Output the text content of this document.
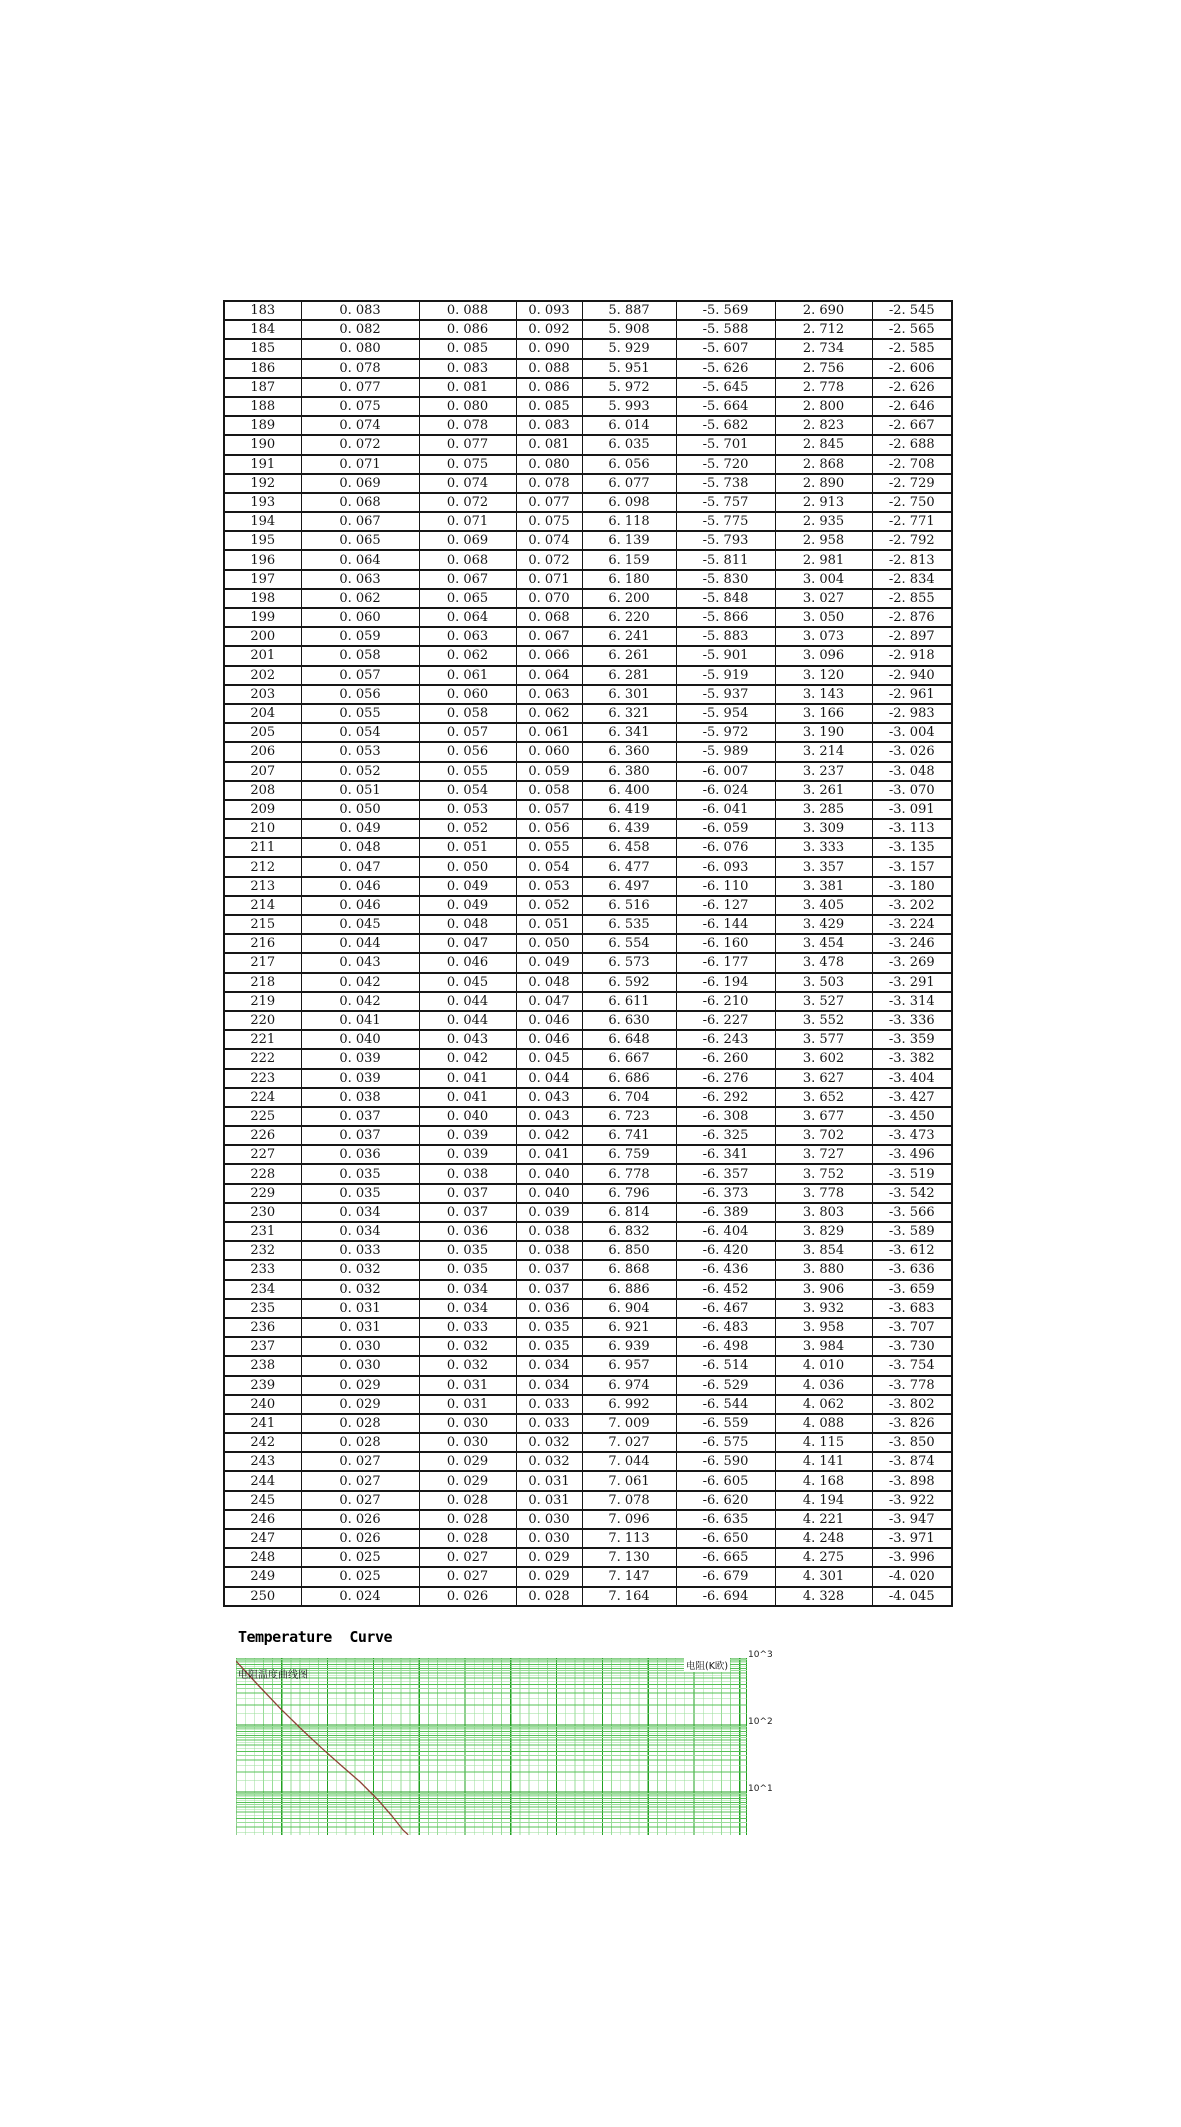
183	0. 083	0. 088	0. 093	5. 887	-5. 569	2. 690	-2. 545
184	0. 082	0. 086	0. 092	5. 908	-5. 588	2. 712	-2. 565
185	0. 080	0. 085	0. 090	5. 929	-5. 607	2. 734	-2. 585
186	0. 078	0. 083	0. 088	5. 951	-5. 626	2. 756	-2. 606
187	0. 077	0. 081	0. 086	5. 972	-5. 645	2. 778	-2. 626
188	0. 075	0. 080	0. 085	5. 993	-5. 664	2. 800	-2. 646
189	0. 074	0. 078	0. 083	6. 014	-5. 682	2. 823	-2. 667
190	0. 072	0. 077	0. 081	6. 035	-5. 701	2. 845	-2. 688
191	0. 071	0. 075	0. 080	6. 056	-5. 720	2. 868	-2. 708
192	0. 069	0. 074	0. 078	6. 077	-5. 738	2. 890	-2. 729
193	0. 068	0. 072	0. 077	6. 098	-5. 757	2. 913	-2. 750
194	0. 067	0. 071	0. 075	6. 118	-5. 775	2. 935	-2. 771
195	0. 065	0. 069	0. 074	6. 139	-5. 793	2. 958	-2. 792
196	0. 064	0. 068	0. 072	6. 159	-5. 811	2. 981	-2. 813
197	0. 063	0. 067	0. 071	6. 180	-5. 830	3. 004	-2. 834
198	0. 062	0. 065	0. 070	6. 200	-5. 848	3. 027	-2. 855
199	0. 060	0. 064	0. 068	6. 220	-5. 866	3. 050	-2. 876
200	0. 059	0. 063	0. 067	6. 241	-5. 883	3. 073	-2. 897
201	0. 058	0. 062	0. 066	6. 261	-5. 901	3. 096	-2. 918
202	0. 057	0. 061	0. 064	6. 281	-5. 919	3. 120	-2. 940
203	0. 056	0. 060	0. 063	6. 301	-5. 937	3. 143	-2. 961
204	0. 055	0. 058	0. 062	6. 321	-5. 954	3. 166	-2. 983
205	0. 054	0. 057	0. 061	6. 341	-5. 972	3. 190	-3. 004
206	0. 053	0. 056	0. 060	6. 360	-5. 989	3. 214	-3. 026
207	0. 052	0. 055	0. 059	6. 380	-6. 007	3. 237	-3. 048
208	0. 051	0. 054	0. 058	6. 400	-6. 024	3. 261	-3. 070
209	0. 050	0. 053	0. 057	6. 419	-6. 041	3. 285	-3. 091
210	0. 049	0. 052	0. 056	6. 439	-6. 059	3. 309	-3. 113
211	0. 048	0. 051	0. 055	6. 458	-6. 076	3. 333	-3. 135
212	0. 047	0. 050	0. 054	6. 477	-6. 093	3. 357	-3. 157
213	0. 046	0. 049	0. 053	6. 497	-6. 110	3. 381	-3. 180
214	0. 046	0. 049	0. 052	6. 516	-6. 127	3. 405	-3. 202
215	0. 045	0. 048	0. 051	6. 535	-6. 144	3. 429	-3. 224
216	0. 044	0. 047	0. 050	6. 554	-6. 160	3. 454	-3. 246
217	0. 043	0. 046	0. 049	6. 573	-6. 177	3. 478	-3. 269
218	0. 042	0. 045	0. 048	6. 592	-6. 194	3. 503	-3. 291
219	0. 042	0. 044	0. 047	6. 611	-6. 210	3. 527	-3. 314
220	0. 041	0. 044	0. 046	6. 630	-6. 227	3. 552	-3. 336
221	0. 040	0. 043	0. 046	6. 648	-6. 243	3. 577	-3. 359
222	0. 039	0. 042	0. 045	6. 667	-6. 260	3. 602	-3. 382
223	0. 039	0. 041	0. 044	6. 686	-6. 276	3. 627	-3. 404
224	0. 038	0. 041	0. 043	6. 704	-6. 292	3. 652	-3. 427
225	0. 037	0. 040	0. 043	6. 723	-6. 308	3. 677	-3. 450
226	0. 037	0. 039	0. 042	6. 741	-6. 325	3. 702	-3. 473
227	0. 036	0. 039	0. 041	6. 759	-6. 341	3. 727	-3. 496
228	0. 035	0. 038	0. 040	6. 778	-6. 357	3. 752	-3. 519
229	0. 035	0. 037	0. 040	6. 796	-6. 373	3. 778	-3. 542
230	0. 034	0. 037	0. 039	6. 814	-6. 389	3. 803	-3. 566
231	0. 034	0. 036	0. 038	6. 832	-6. 404	3. 829	-3. 589
232	0. 033	0. 035	0. 038	6. 850	-6. 420	3. 854	-3. 612
233	0. 032	0. 035	0. 037	6. 868	-6. 436	3. 880	-3. 636
234	0. 032	0. 034	0. 037	6. 886	-6. 452	3. 906	-3. 659
235	0. 031	0. 034	0. 036	6. 904	-6. 467	3. 932	-3. 683
236	0. 031	0. 033	0. 035	6. 921	-6. 483	3. 958	-3. 707
237	0. 030	0. 032	0. 035	6. 939	-6. 498	3. 984	-3. 730
238	0. 030	0. 032	0. 034	6. 957	-6. 514	4. 010	-3. 754
239	0. 029	0. 031	0. 034	6. 974	-6. 529	4. 036	-3. 778
240	0. 029	0. 031	0. 033	6. 992	-6. 544	4. 062	-3. 802
241	0. 028	0. 030	0. 033	7. 009	-6. 559	4. 088	-3. 826
242	0. 028	0. 030	0. 032	7. 027	-6. 575	4. 115	-3. 850
243	0. 027	0. 029	0. 032	7. 044	-6. 590	4. 141	-3. 874
244	0. 027	0. 029	0. 031	7. 061	-6. 605	4. 168	-3. 898
245	0. 027	0. 028	0. 031	7. 078	-6. 620	4. 194	-3. 922
246	0. 026	0. 028	0. 030	7. 096	-6. 635	4. 221	-3. 947
247	0. 026	0. 028	0. 030	7. 113	-6. 650	4. 248	-3. 971
248	0. 025	0. 027	0. 029	7. 130	-6. 665	4. 275	-3. 996
249	0. 025	0. 027	0. 029	7. 147	-6. 679	4. 301	-4. 020
250	0. 024	0. 026	0. 028	7. 164	-6. 694	4. 328	-4. 045
Temperature Curve
电阻温度曲线图
电阻(K欧)
10^3
10^2
10^1
